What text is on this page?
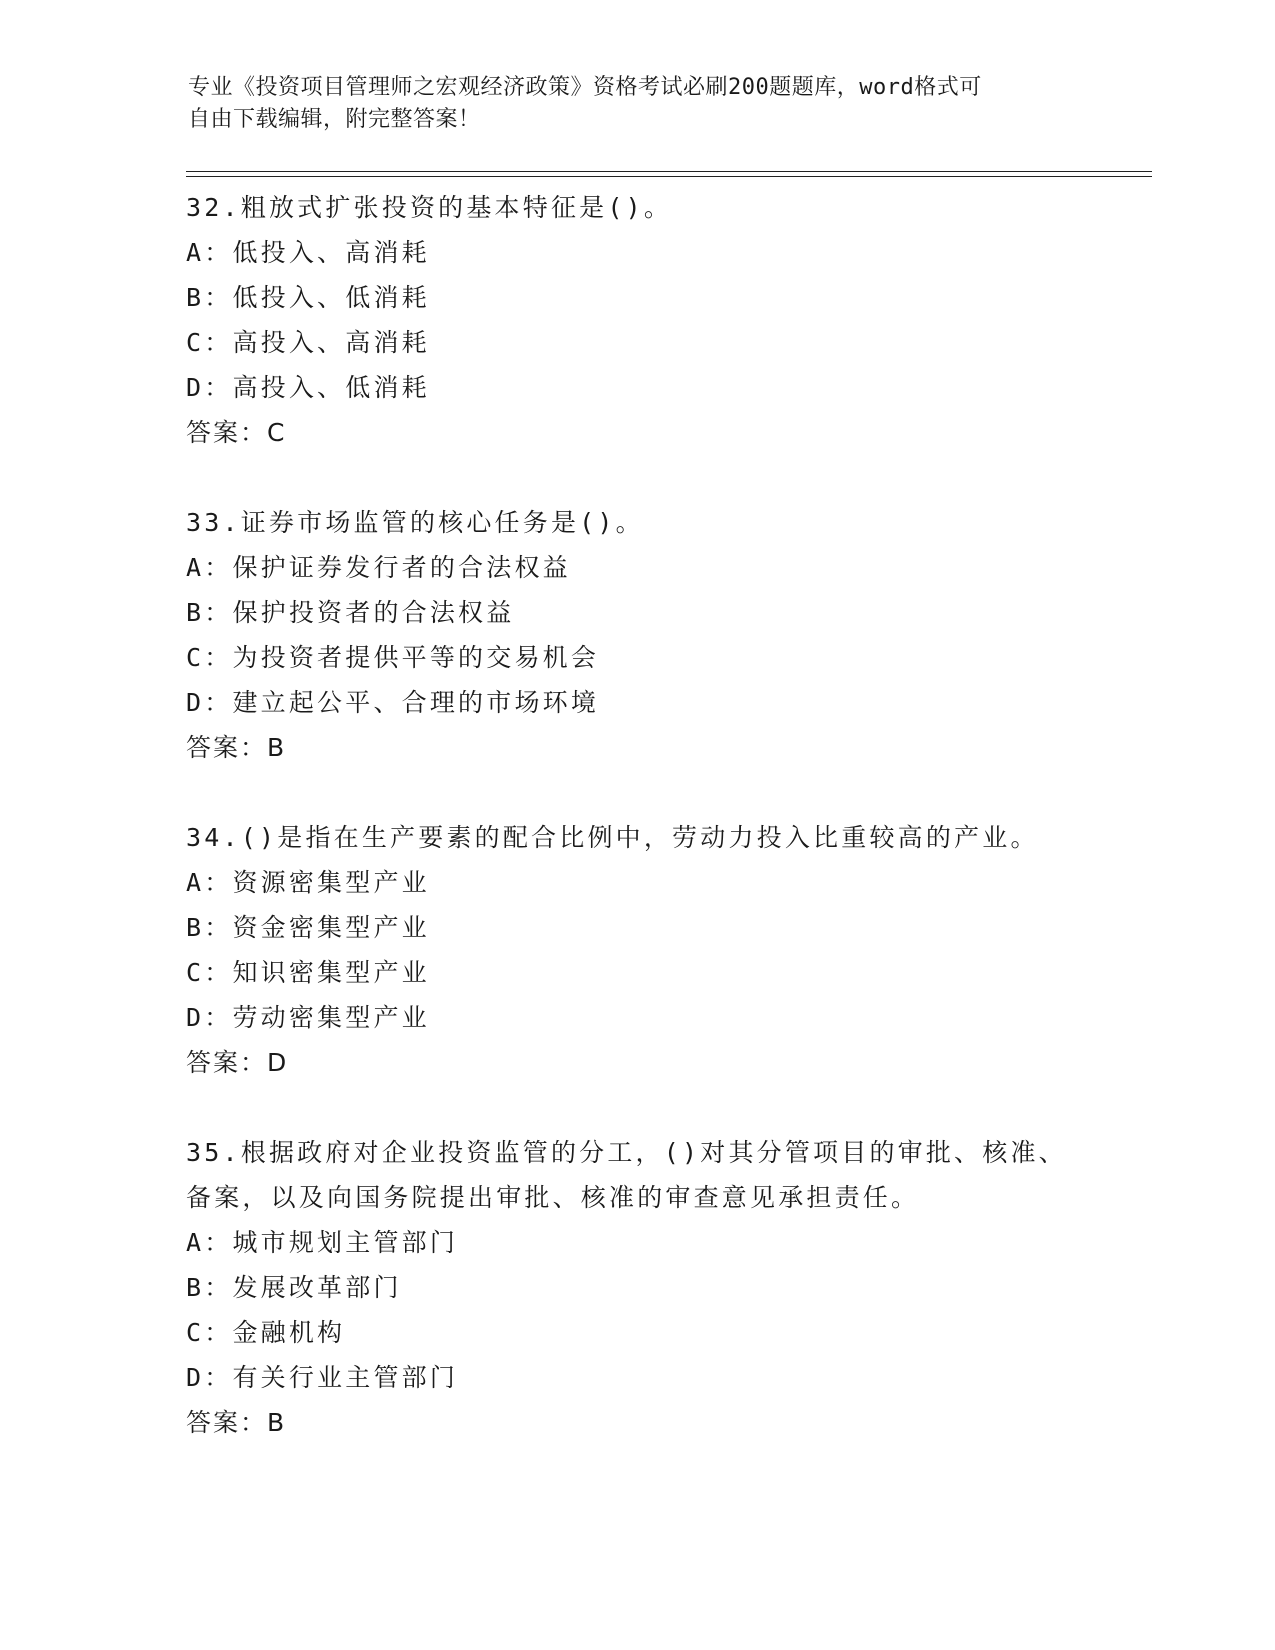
专业《投资项目管理师之宏观经济政策》资格考试必刷200题题库，word格式可
自由下载编辑，附完整答案！
32.粗放式扩张投资的基本特征是()。
A：低投入、高消耗
B：低投入、低消耗
C：高投入、高消耗
D：高投入、低消耗
答案：C
33.证券市场监管的核心任务是()。
A：保护证券发行者的合法权益
B：保护投资者的合法权益
C：为投资者提供平等的交易机会
D：建立起公平、合理的市场环境
答案：B
34.()是指在生产要素的配合比例中，劳动力投入比重较高的产业。
A：资源密集型产业
B：资金密集型产业
C：知识密集型产业
D：劳动密集型产业
答案：D
35.根据政府对企业投资监管的分工，()对其分管项目的审批、核准、
备案，以及向国务院提出审批、核准的审查意见承担责任。
A：城市规划主管部门
B：发展改革部门
C：金融机构
D：有关行业主管部门
答案：B
